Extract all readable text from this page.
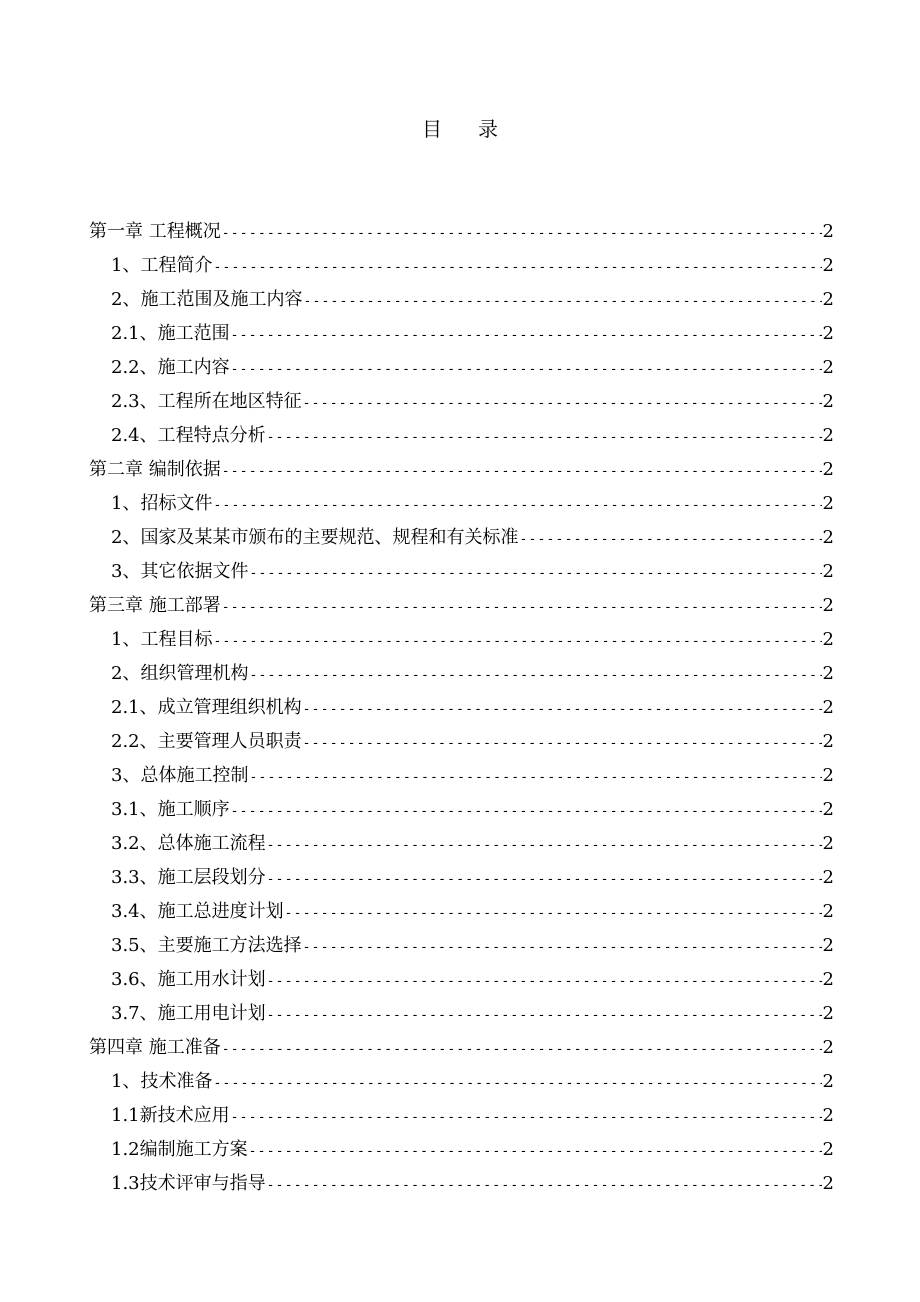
目 录
第一章 工程概况 -----	2
1、工程简介 -----	2
2、施工范围及施工内容 -----	2
2.1、施工范围 -----	2
2.2、施工内容 -----	2
2.3、工程所在地区特征 -----	2
2.4、工程特点分析 -----	2
第二章 编制依据 -----	2
1、招标文件 -----	2
2、国家及某某市颁布的主要规范、规程和有关标准 -----	2
3、其它依据文件 -----	2
第三章 施工部署 -----	2
1、工程目标 -----	2
2、组织管理机构 -----	2
2.1、成立管理组织机构 -----	2
2.2、主要管理人员职责 -----	2
3、总体施工控制 -----	2
3.1、施工顺序 -----	2
3.2、总体施工流程 -----	2
3.3、施工层段划分 -----	2
3.4、施工总进度计划 -----	2
3.5、主要施工方法选择 -----	2
3.6、施工用水计划 -----	2
3.7、施工用电计划 -----	2
第四章 施工准备 -----	2
1、技术准备 -----	2
1.1新技术应用 -----	2
1.2编制施工方案 -----	2
1.3技术评审与指导 -----	2
